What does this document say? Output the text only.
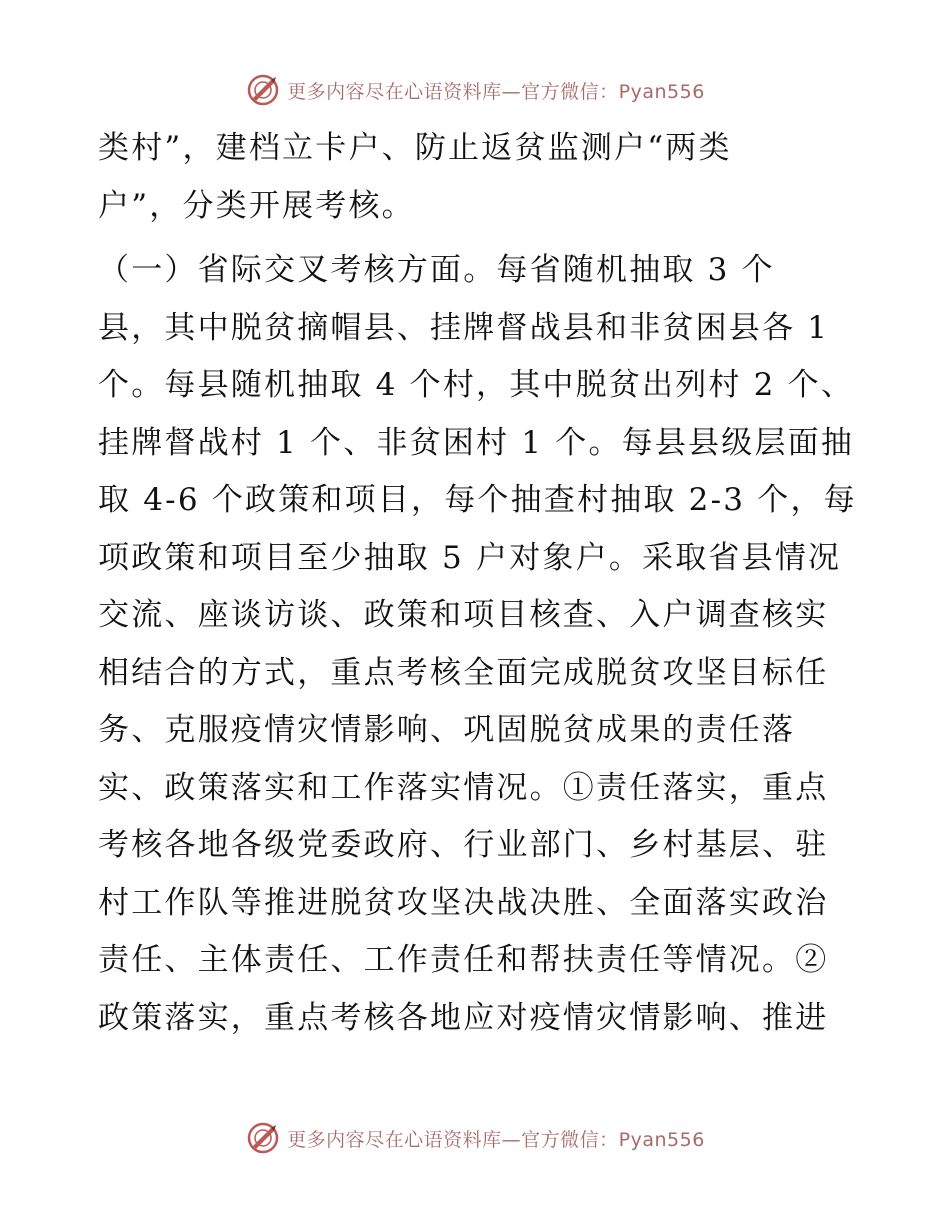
更多内容尽在心语资料库—官方微信：Pyan556
类村”，建档立卡户、防止返贫监测户“两类
户”，分类开展考核。
（一）省际交叉考核方面。每省随机抽取 3 个
县，其中脱贫摘帽县、挂牌督战县和非贫困县各 1
个。每县随机抽取 4 个村，其中脱贫出列村 2 个、
挂牌督战村 1 个、非贫困村 1 个。每县县级层面抽
取 4-6 个政策和项目，每个抽查村抽取 2-3 个，每
项政策和项目至少抽取 5 户对象户。采取省县情况
交流、座谈访谈、政策和项目核查、入户调查核实
相结合的方式，重点考核全面完成脱贫攻坚目标任
务、克服疫情灾情影响、巩固脱贫成果的责任落
实、政策落实和工作落实情况。①责任落实，重点
考核各地各级党委政府、行业部门、乡村基层、驻
村工作队等推进脱贫攻坚决战决胜、全面落实政治
责任、主体责任、工作责任和帮扶责任等情况。②
政策落实，重点考核各地应对疫情灾情影响、推进
更多内容尽在心语资料库—官方微信：Pyan556
